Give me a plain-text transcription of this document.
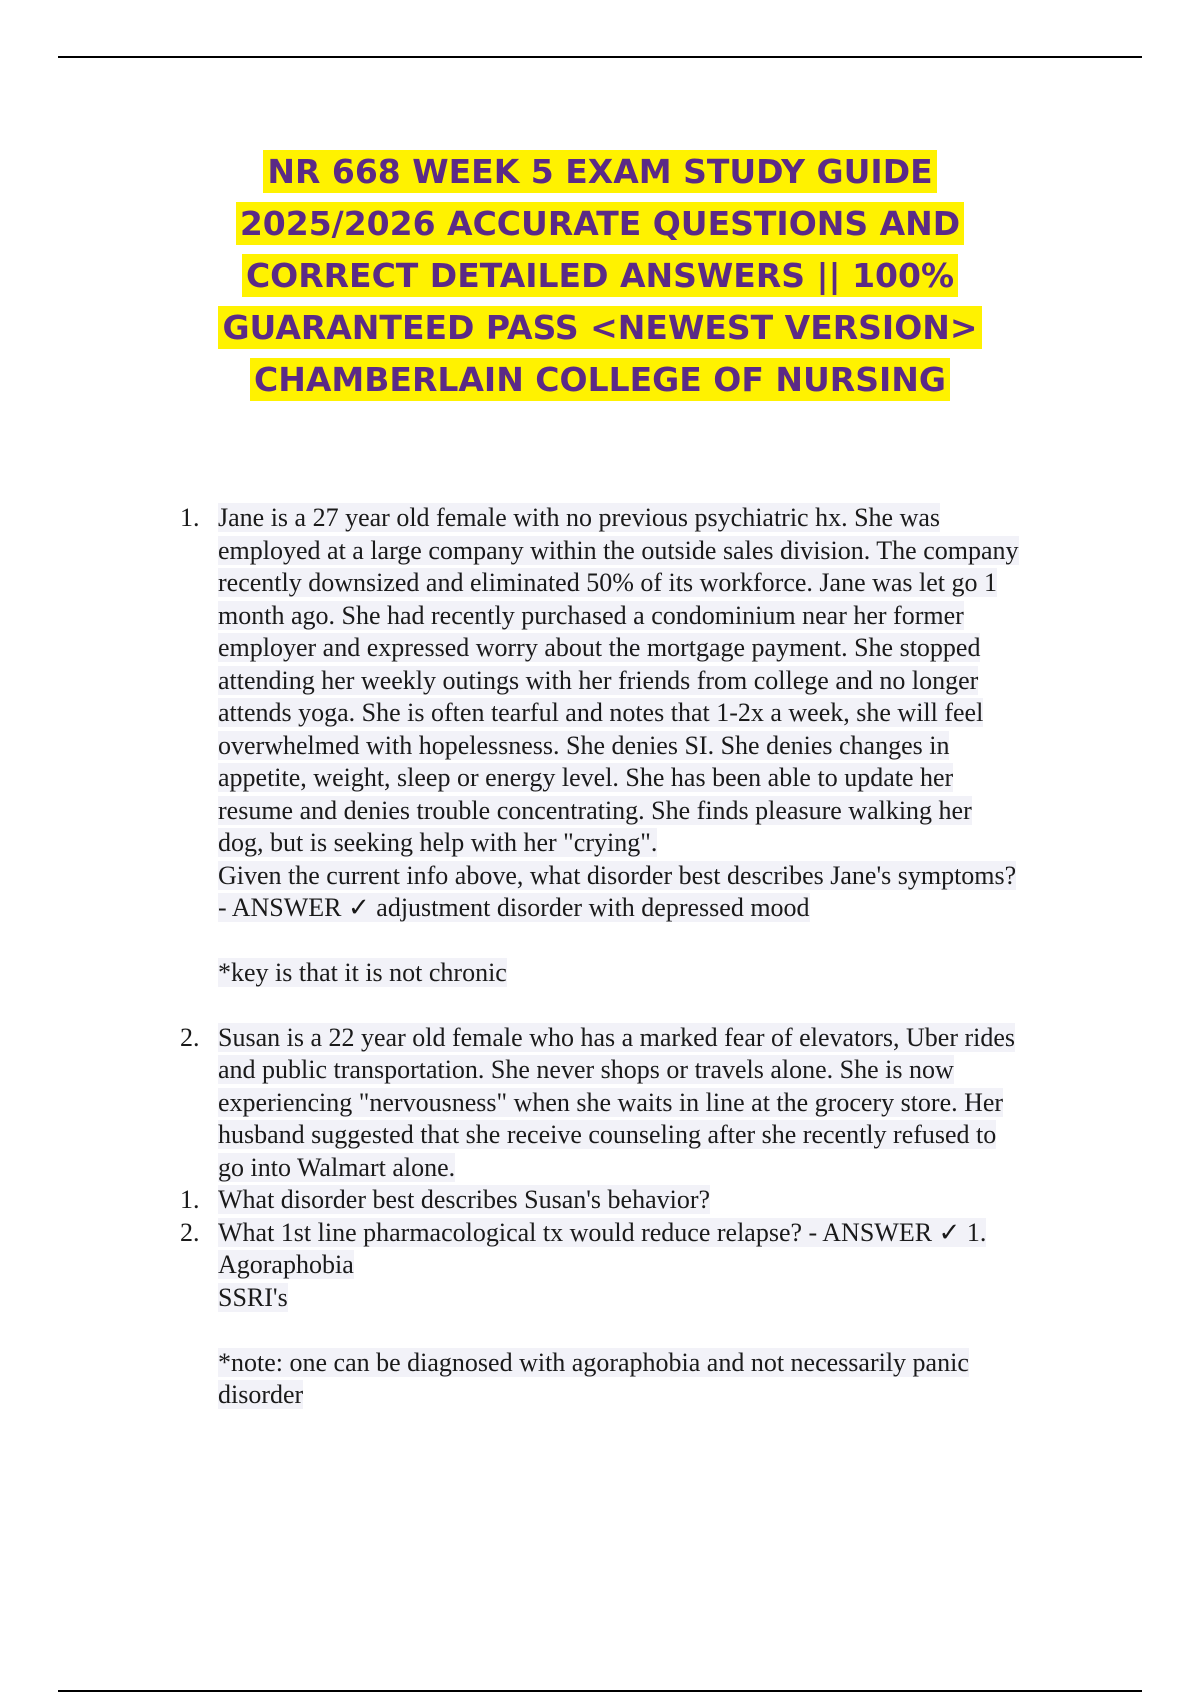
NR 668 WEEK 5 EXAM STUDY GUIDE
2025/2026 ACCURATE QUESTIONS AND
CORRECT DETAILED ANSWERS || 100%
GUARANTEED PASS <NEWEST VERSION>
CHAMBERLAIN COLLEGE OF NURSING
1. Jane is a 27 year old female with no previous psychiatric hx. She was
employed at a large company within the outside sales division. The company
recently downsized and eliminated 50% of its workforce. Jane was let go 1
month ago. She had recently purchased a condominium near her former
employer and expressed worry about the mortgage payment. She stopped
attending her weekly outings with her friends from college and no longer
attends yoga. She is often tearful and notes that 1-2x a week, she will feel
overwhelmed with hopelessness. She denies SI. She denies changes in
appetite, weight, sleep or energy level. She has been able to update her
resume and denies trouble concentrating. She finds pleasure walking her
dog, but is seeking help with her "crying".
Given the current info above, what disorder best describes Jane's symptoms?
- ANSWER ✓ adjustment disorder with depressed mood
*key is that it is not chronic
2. Susan is a 22 year old female who has a marked fear of elevators, Uber rides
and public transportation. She never shops or travels alone. She is now
experiencing "nervousness" when she waits in line at the grocery store. Her
husband suggested that she receive counseling after she recently refused to
go into Walmart alone.
1. What disorder best describes Susan's behavior?
2. What 1st line pharmacological tx would reduce relapse? - ANSWER ✓ 1.
Agoraphobia
SSRI's
*note: one can be diagnosed with agoraphobia and not necessarily panic
disorder
